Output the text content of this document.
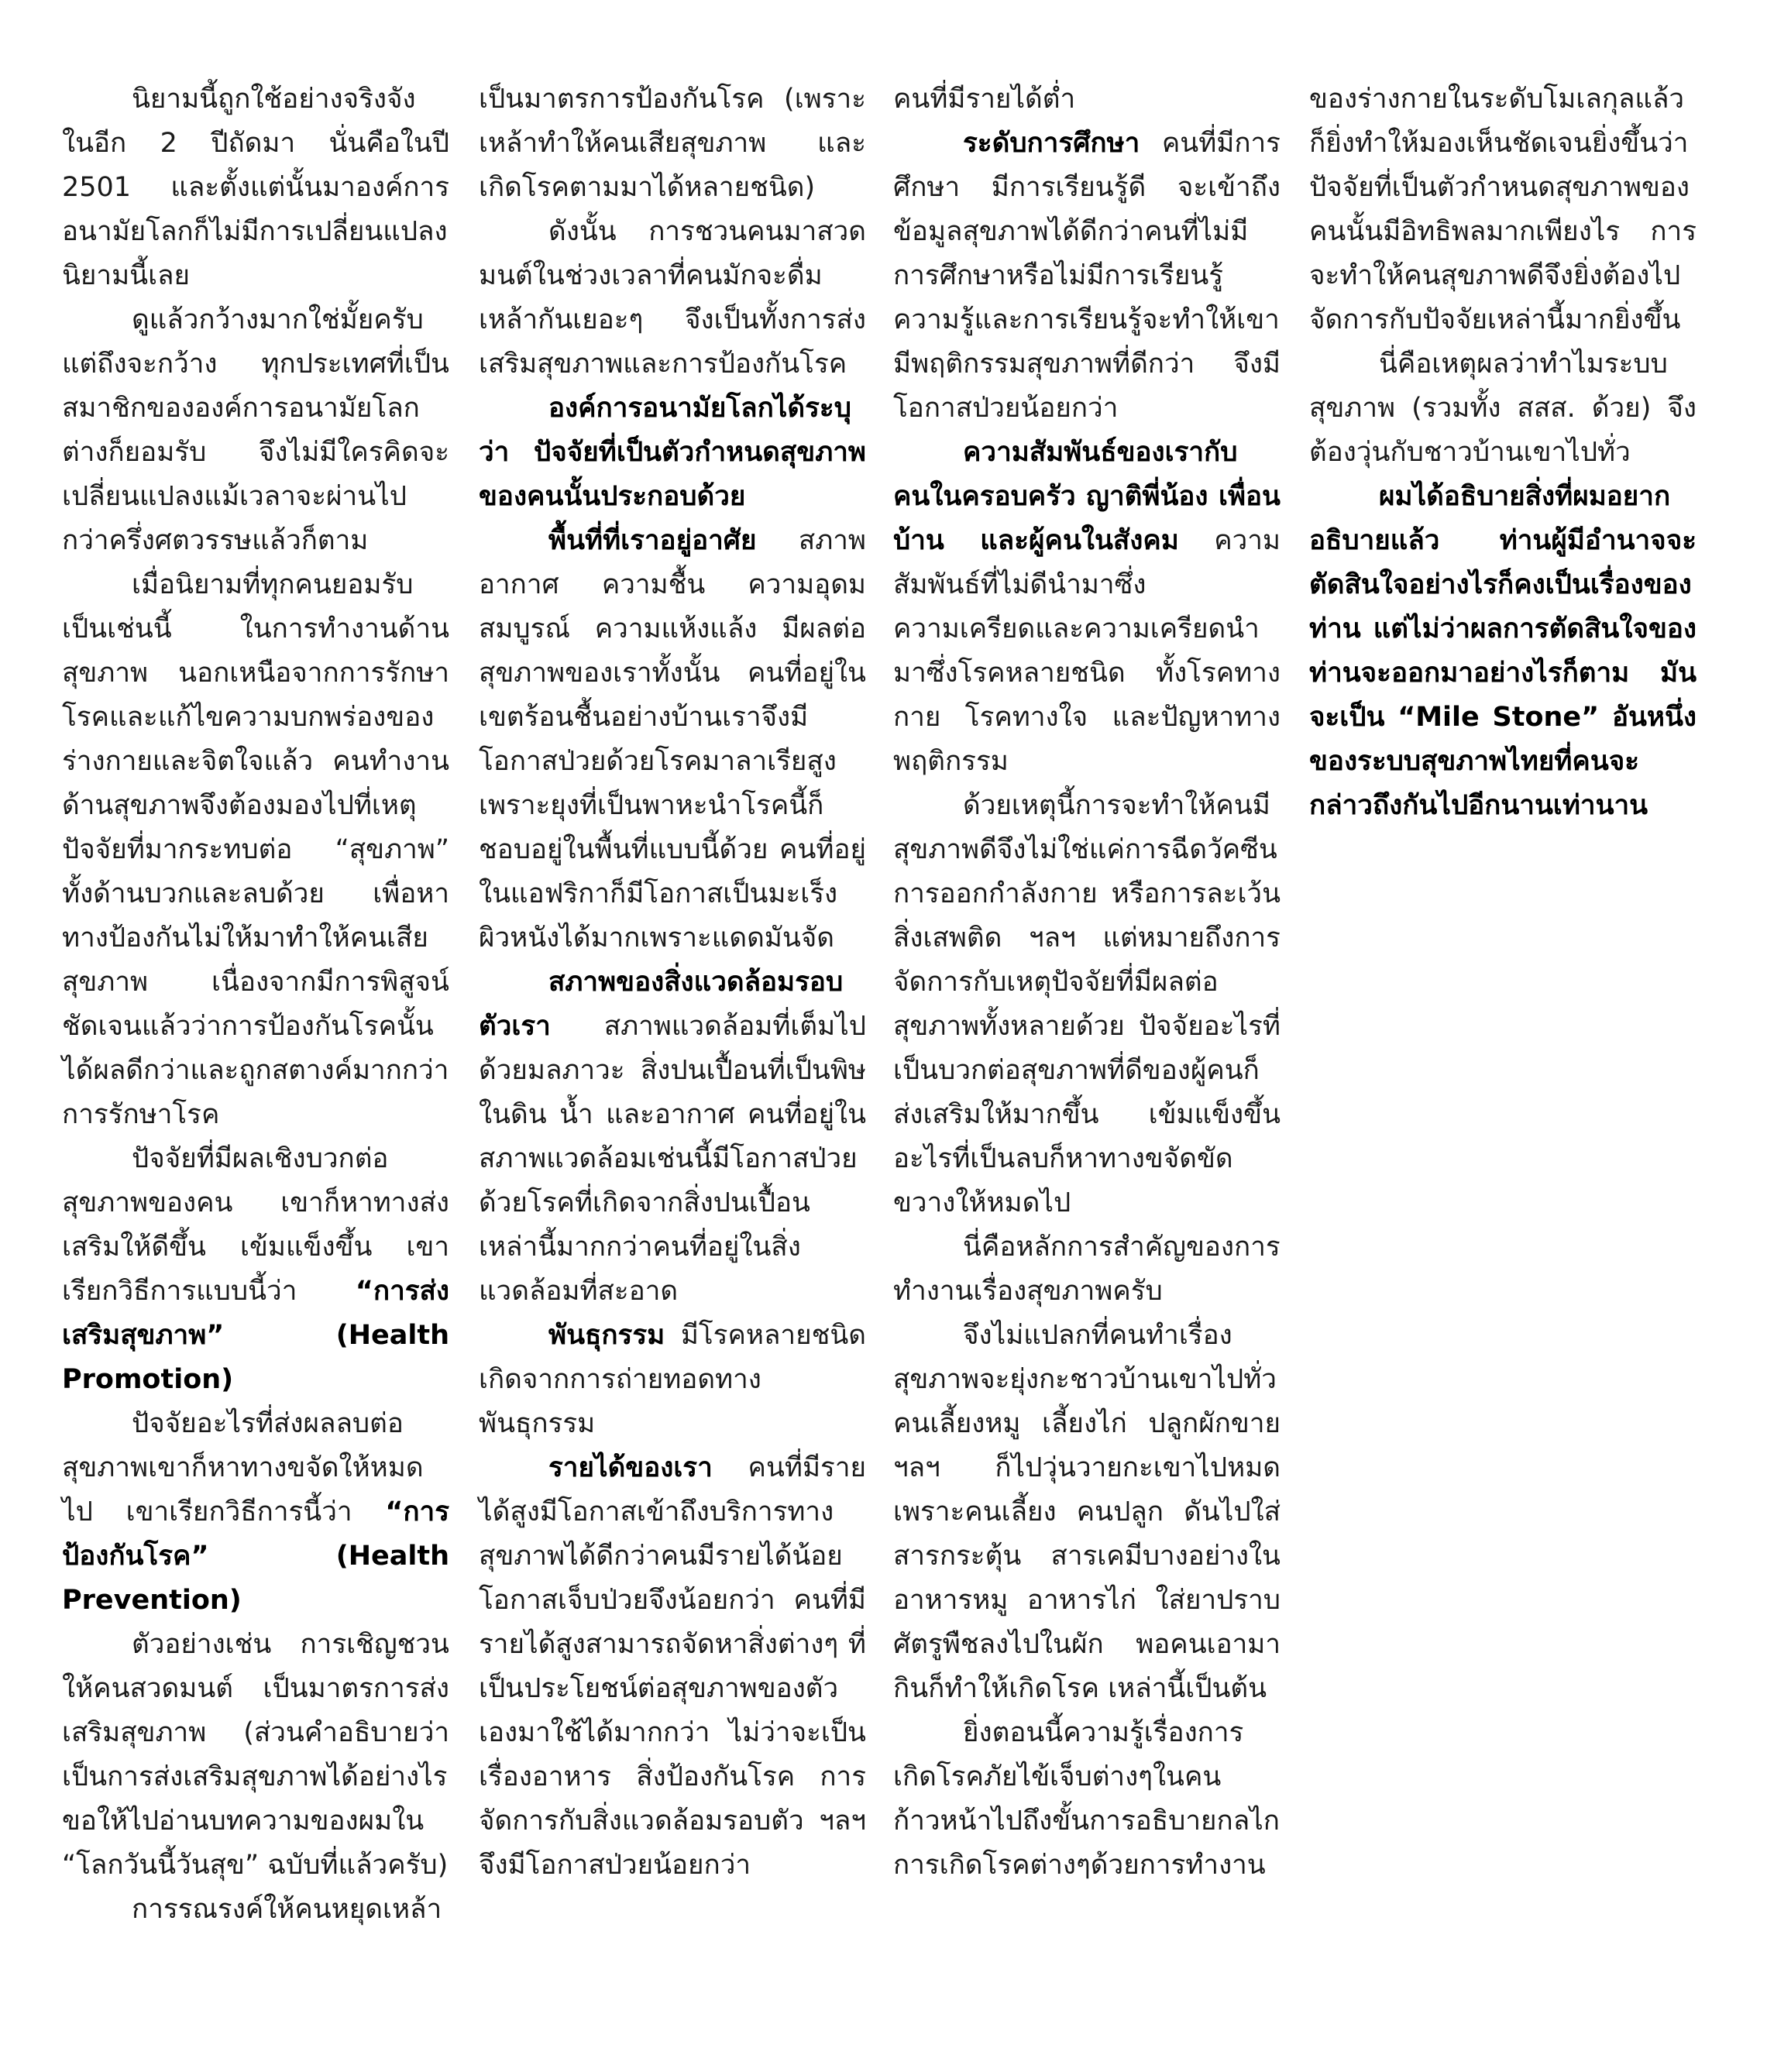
นิยามนี้ถูกใช้อย่างจริงจัง ในอีก 2 ปีถัดมา นั่นคือในปี 2501 และตั้งแต่นั้นมาองค์การอนามัยโลกก็ไม่มีการเปลี่ยนแปลงนิยามนี้เลย

ดูแล้วกว้างมากใช่มั้ยครับ แต่ถึงจะกว้าง ทุกประเทศที่เป็นสมาชิกขององค์การอนามัยโลกต่างก็ยอมรับ จึงไม่มีใครคิดจะเปลี่ยนแปลงแม้เวลาจะผ่านไปกว่าครึ่งศตวรรษแล้วก็ตาม

เมื่อนิยามที่ทุกคนยอมรับเป็นเช่นนี้ ในการทำงานด้านสุขภาพ นอกเหนือจากการรักษาโรคและแก้ไขความบกพร่องของร่างกายและจิตใจแล้ว คนทำงานด้านสุขภาพจึงต้องมองไปที่เหตุปัจจัยที่มากระทบต่อ “สุขภาพ” ทั้งด้านบวกและลบด้วย เพื่อหาทางป้องกันไม่ให้มาทำให้คนเสียสุขภาพ เนื่องจากมีการพิสูจน์ชัดเจนแล้วว่าการป้องกันโรคนั้นได้ผลดีกว่าและถูกสตางค์มากกว่าการรักษาโรค

ปัจจัยที่มีผลเชิงบวกต่อสุขภาพของคน เขาก็หาทางส่งเสริมให้ดีขึ้น เข้มแข็งขึ้น เขาเรียกวิธีการแบบนี้ว่า “การส่งเสริมสุขภาพ” (Health Promotion)

ปัจจัยอะไรที่ส่งผลลบต่อสุขภาพเขาก็หาทางขจัดให้หมดไป เขาเรียกวิธีการนี้ว่า “การป้องกันโรค” (Health Prevention)

ตัวอย่างเช่น การเชิญชวนให้คนสวดมนต์ เป็นมาตรการส่งเสริมสุขภาพ (ส่วนคำอธิบายว่าเป็นการส่งเสริมสุขภาพได้อย่างไร ขอให้ไปอ่านบทความของผมใน “โลกวันนี้วันสุข” ฉบับที่แล้วครับ)

การรณรงค์ให้คนหยุดเหล้า

เป็นมาตรการป้องกันโรค (เพราะเหล้าทำให้คนเสียสุขภาพ และเกิดโรคตามมาได้หลายชนิด)

ดังนั้น การชวนคนมาสวดมนต์ในช่วงเวลาที่คนมักจะดื่มเหล้ากันเยอะๆ จึงเป็นทั้งการส่งเสริมสุขภาพและการป้องกันโรค

องค์การอนามัยโลกได้ระบุว่า ปัจจัยที่เป็นตัวกำหนดสุขภาพของคนนั้นประกอบด้วย

พื้นที่ที่เราอยู่อาศัย สภาพอากาศ ความชื้น ความอุดมสมบูรณ์ ความแห้งแล้ง มีผลต่อสุขภาพของเราทั้งนั้น คนที่อยู่ในเขตร้อนชื้นอย่างบ้านเราจึงมีโอกาสป่วยด้วยโรคมาลาเรียสูง เพราะยุงที่เป็นพาหะนำโรคนี้ก็ชอบอยู่ในพื้นที่แบบนี้ด้วย คนที่อยู่ในแอฟริกาก็มีโอกาสเป็นมะเร็งผิวหนังได้มากเพราะแดดมันจัด

สภาพของสิ่งแวดล้อมรอบตัวเรา สภาพแวดล้อมที่เต็มไปด้วยมลภาวะ สิ่งปนเปื้อนที่เป็นพิษในดิน น้ำ และอากาศ คนที่อยู่ในสภาพแวดล้อมเช่นนี้มีโอกาสป่วยด้วยโรคที่เกิดจากสิ่งปนเปื้อนเหล่านี้มากกว่าคนที่อยู่ในสิ่งแวดล้อมที่สะอาด

พันธุกรรม มีโรคหลายชนิดเกิดจากการถ่ายทอดทางพันธุกรรม

รายได้ของเรา คนที่มีรายได้สูงมีโอกาสเข้าถึงบริการทางสุขภาพได้ดีกว่าคนมีรายได้น้อย โอกาสเจ็บป่วยจึงน้อยกว่า คนที่มีรายได้สูงสามารถจัดหาสิ่งต่างๆ ที่เป็นประโยชน์ต่อสุขภาพของตัวเองมาใช้ได้มากกว่า ไม่ว่าจะเป็นเรื่องอาหาร สิ่งป้องกันโรค การจัดการกับสิ่งแวดล้อมรอบตัว ฯลฯ จึงมีโอกาสป่วยน้อยกว่า

คนที่มีรายได้ต่ำ

ระดับการศึกษา คนที่มีการศึกษา มีการเรียนรู้ดี จะเข้าถึงข้อมูลสุขภาพได้ดีกว่าคนที่ไม่มีการศึกษาหรือไม่มีการเรียนรู้ ความรู้และการเรียนรู้จะทำให้เขามีพฤติกรรมสุขภาพที่ดีกว่า จึงมีโอกาสป่วยน้อยกว่า

ความสัมพันธ์ของเรากับคนในครอบครัว ญาติพี่น้อง เพื่อนบ้าน และผู้คนในสังคม ความสัมพันธ์ที่ไม่ดีนำมาซึ่งความเครียดและความเครียดนำมาซึ่งโรคหลายชนิด ทั้งโรคทางกาย โรคทางใจ และปัญหาทางพฤติกรรม

ด้วยเหตุนี้การจะทำให้คนมีสุขภาพดีจึงไม่ใช่แค่การฉีดวัคซีน การออกกำลังกาย หรือการละเว้นสิ่งเสพติด ฯลฯ แต่หมายถึงการจัดการกับเหตุปัจจัยที่มีผลต่อสุขภาพทั้งหลายด้วย ปัจจัยอะไรที่เป็นบวกต่อสุขภาพที่ดีของผู้คนก็ส่งเสริมให้มากขึ้น เข้มแข็งขึ้น อะไรที่เป็นลบก็หาทางขจัดขัดขวางให้หมดไป

นี่คือหลักการสำคัญของการทำงานเรื่องสุขภาพครับ

จึงไม่แปลกที่คนทำเรื่องสุขภาพจะยุ่งกะชาวบ้านเขาไปทั่ว คนเลี้ยงหมู เลี้ยงไก่ ปลูกผักขาย ฯลฯ ก็ไปวุ่นวายกะเขาไปหมด เพราะคนเลี้ยง คนปลูก ดันไปใส่สารกระตุ้น สารเคมีบางอย่างในอาหารหมู อาหารไก่ ใส่ยาปราบศัตรูพืชลงไปในผัก พอคนเอามากินก็ทำให้เกิดโรค เหล่านี้เป็นต้น

ยิ่งตอนนี้ความรู้เรื่องการเกิดโรคภัยไข้เจ็บต่างๆในคนก้าวหน้าไปถึงขั้นการอธิบายกลไกการเกิดโรคต่างๆด้วยการทำงาน

ของร่างกายในระดับโมเลกุลแล้วก็ยิ่งทำให้มองเห็นชัดเจนยิ่งขึ้นว่า ปัจจัยที่เป็นตัวกำหนดสุขภาพของคนนั้นมีอิทธิพลมากเพียงไร การจะทำให้คนสุขภาพดีจึงยิ่งต้องไปจัดการกับปัจจัยเหล่านี้มากยิ่งขึ้น

นี่คือเหตุผลว่าทำไมระบบสุขภาพ (รวมทั้ง สสส. ด้วย) จึงต้องวุ่นกับชาวบ้านเขาไปทั่ว

ผมได้อธิบายสิ่งที่ผมอยากอธิบายแล้ว ท่านผู้มีอำนาจจะตัดสินใจอย่างไรก็คงเป็นเรื่องของท่าน แต่ไม่ว่าผลการตัดสินใจของท่านจะออกมาอย่างไรก็ตาม มันจะเป็น “Mile Stone” อันหนึ่งของระบบสุขภาพไทยที่คนจะกล่าวถึงกันไปอีกนานเท่านาน
